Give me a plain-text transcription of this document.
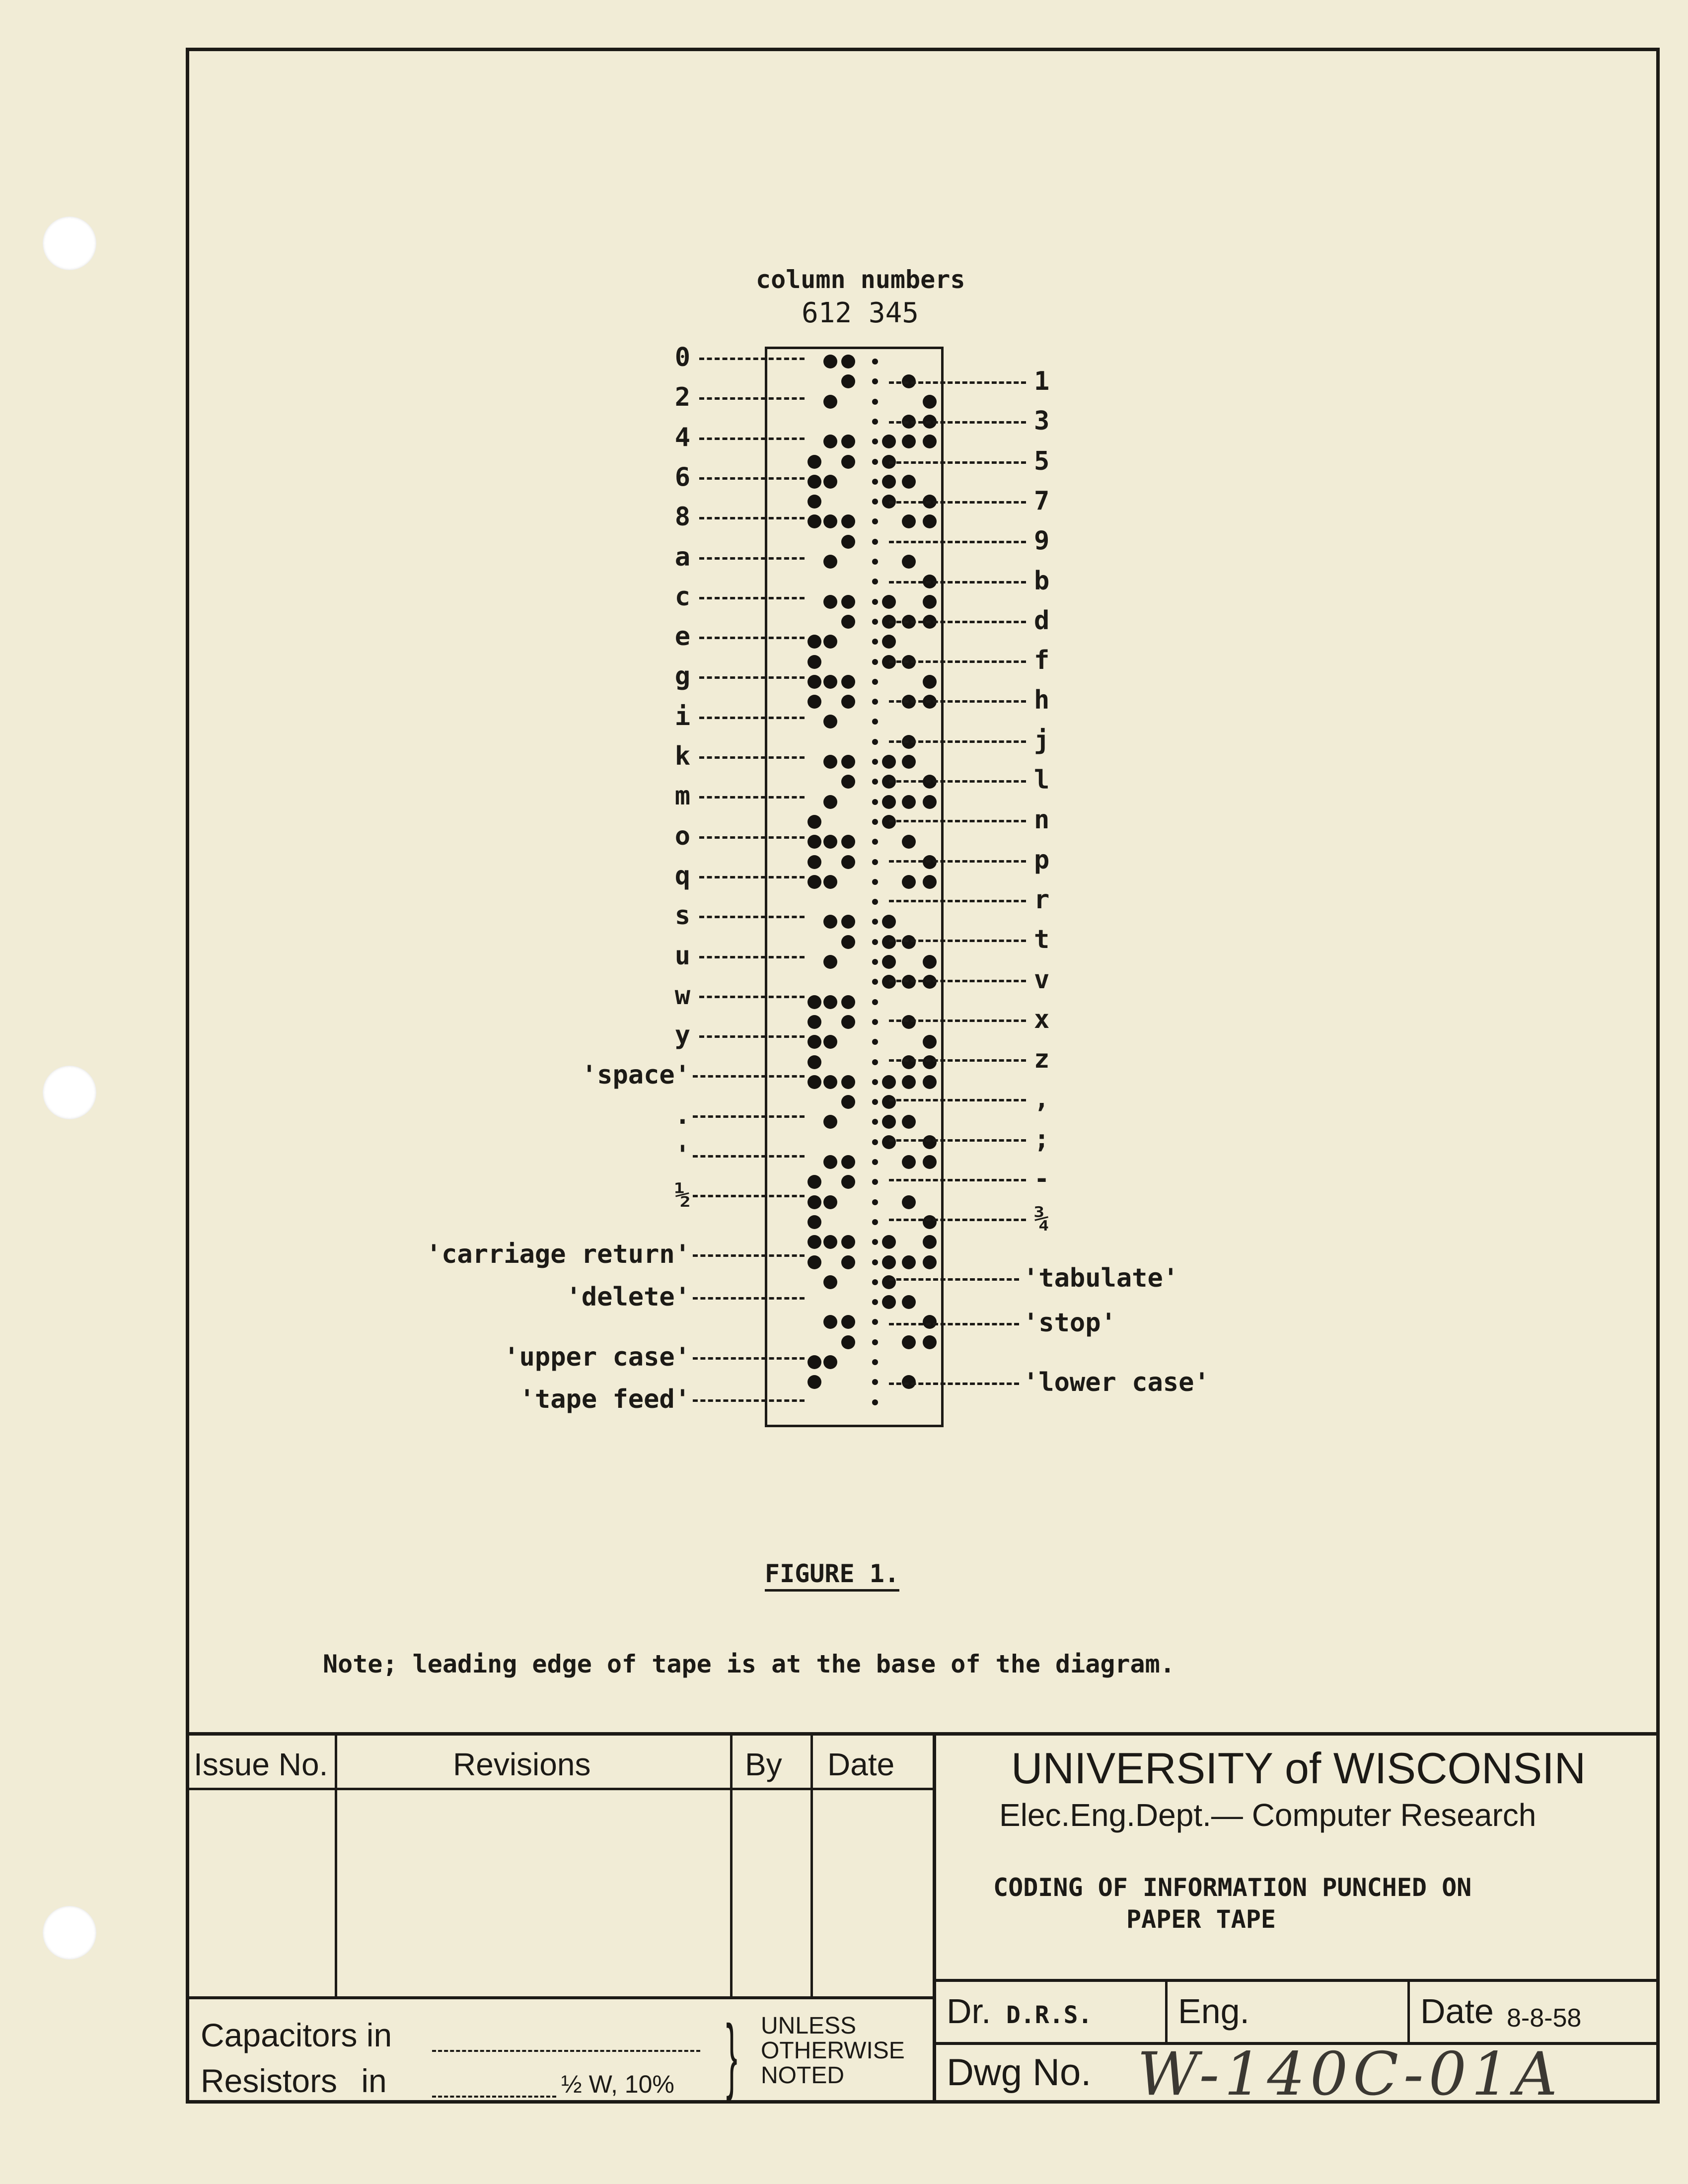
column numbers
612 345
0
2
4
6
8
a
c
e
g
i
k
m
o
q
s
u
w
y
'space'
.
'
½
'carriage return'
'delete'
'upper case'
'tape feed'
1
3
5
7
9
b
d
f
h
j
l
n
p
r
t
v
x
z
,
;
-
¾
'tabulate'
'stop'
'lower case'
FIGURE 1.
Note; leading edge of tape is at the base of the diagram.
Issue No.	Revisions	By Date
Capacitors in
Resistors in	½ W, 10% } UNLESS
OTHERWISE
NOTED
UNIVERSITY of WISCONSIN
Elec.Eng.Dept.— Computer Research
CODING OF INFORMATION PUNCHED ON
PAPER TAPE
Dr. D.R.S. Eng.	Date 8-8-58
Dwg No. W-140C-01A
